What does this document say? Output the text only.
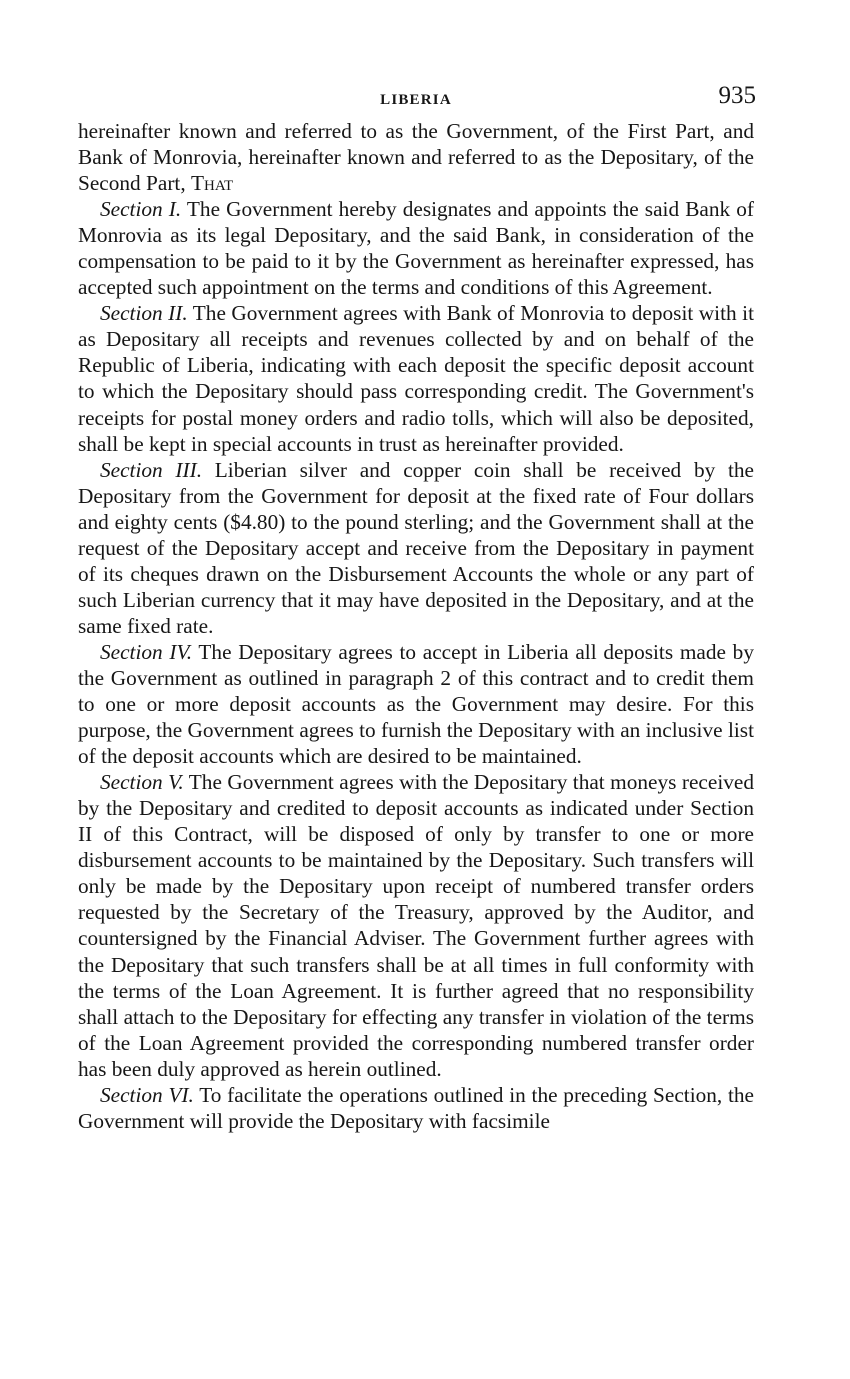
LIBERIA	935

hereinafter known and referred to as the Government, of the First Part, and Bank of Monrovia, hereinafter known and referred to as the Depositary, of the Second Part, That

Section I. The Government hereby designates and appoints the said Bank of Monrovia as its legal Depositary, and the said Bank, in consideration of the compensation to be paid to it by the Government as hereinafter expressed, has accepted such appointment on the terms and conditions of this Agreement.

Section II. The Government agrees with Bank of Monrovia to deposit with it as Depositary all receipts and revenues collected by and on behalf of the Republic of Liberia, indicating with each deposit the specific deposit account to which the Depositary should pass corresponding credit. The Government's receipts for postal money orders and radio tolls, which will also be deposited, shall be kept in special accounts in trust as hereinafter provided.

Section III. Liberian silver and copper coin shall be received by the Depositary from the Government for deposit at the fixed rate of Four dollars and eighty cents ($4.80) to the pound sterling; and the Government shall at the request of the Depositary accept and receive from the Depositary in payment of its cheques drawn on the Disbursement Accounts the whole or any part of such Liberian currency that it may have deposited in the Depositary, and at the same fixed rate.

Section IV. The Depositary agrees to accept in Liberia all deposits made by the Government as outlined in paragraph 2 of this contract and to credit them to one or more deposit accounts as the Government may desire. For this purpose, the Government agrees to furnish the Depositary with an inclusive list of the deposit accounts which are desired to be maintained.

Section V. The Government agrees with the Depositary that moneys received by the Depositary and credited to deposit accounts as indicated under Section II of this Contract, will be disposed of only by transfer to one or more disbursement accounts to be maintained by the Depositary. Such transfers will only be made by the Depositary upon receipt of numbered transfer orders requested by the Secretary of the Treasury, approved by the Auditor, and countersigned by the Financial Adviser. The Government further agrees with the Depositary that such transfers shall be at all times in full conformity with the terms of the Loan Agreement. It is further agreed that no responsibility shall attach to the Depositary for effecting any transfer in violation of the terms of the Loan Agreement provided the corresponding numbered transfer order has been duly approved as herein outlined.

Section VI. To facilitate the operations outlined in the preceding Section, the Government will provide the Depositary with facsimile
